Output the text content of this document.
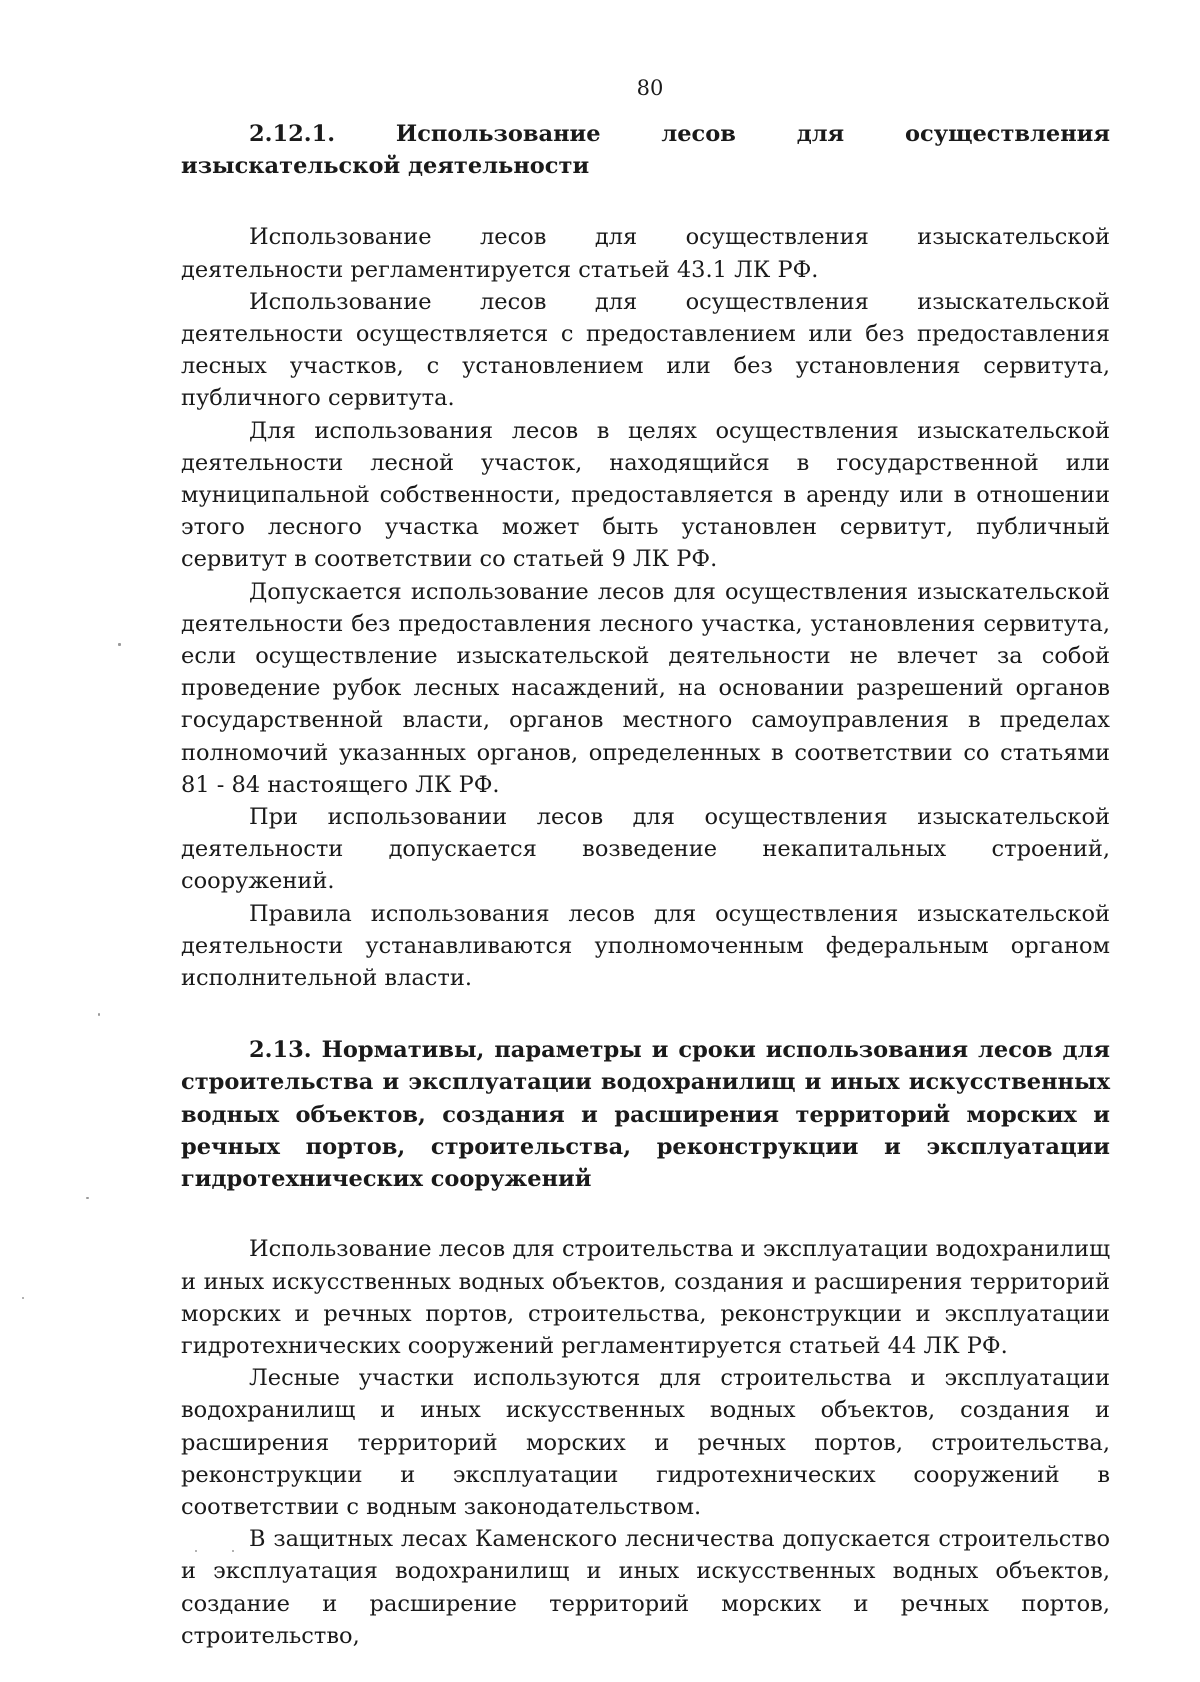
80

2.12.1. Использование лесов для осуществления изыскательской деятельности

Использование лесов для осуществления изыскательской деятельности регламентируется статьей 43.1 ЛК РФ.

Использование лесов для осуществления изыскательской деятельности осуществляется с предоставлением или без предоставления лесных участков, с установлением или без установления сервитута, публичного сервитута.

Для использования лесов в целях осуществления изыскательской деятельности лесной участок, находящийся в государственной или муниципальной собственности, предоставляется в аренду или в отношении этого лесного участка может быть установлен сервитут, публичный сервитут в соответствии со статьей 9 ЛК РФ.

Допускается использование лесов для осуществления изыскательской деятельности без предоставления лесного участка, установления сервитута, если осуществление изыскательской деятельности не влечет за собой проведение рубок лесных насаждений, на основании разрешений органов государственной власти, органов местного самоуправления в пределах полномочий указанных органов, определенных в соответствии со статьями 81 - 84 настоящего ЛК РФ.

При использовании лесов для осуществления изыскательской деятельности допускается возведение некапитальных строений, сооружений.

Правила использования лесов для осуществления изыскательской деятельности устанавливаются уполномоченным федеральным органом исполнительной власти.

2.13. Нормативы, параметры и сроки использования лесов для строительства и эксплуатации водохранилищ и иных искусственных водных объектов, создания и расширения территорий морских и речных портов, строительства, реконструкции и эксплуатации гидротехнических сооружений

Использование лесов для строительства и эксплуатации водохранилищ и иных искусственных водных объектов, создания и расширения территорий морских и речных портов, строительства, реконструкции и эксплуатации гидротехнических сооружений регламентируется статьей 44 ЛК РФ.

Лесные участки используются для строительства и эксплуатации водохранилищ и иных искусственных водных объектов, создания и расширения территорий морских и речных портов, строительства, реконструкции и эксплуатации гидротехнических сооружений в соответствии с водным законодательством.

В защитных лесах Каменского лесничества допускается строительство и эксплуатация водохранилищ и иных искусственных водных объектов, создание и расширение территорий морских и речных портов, строительство,
